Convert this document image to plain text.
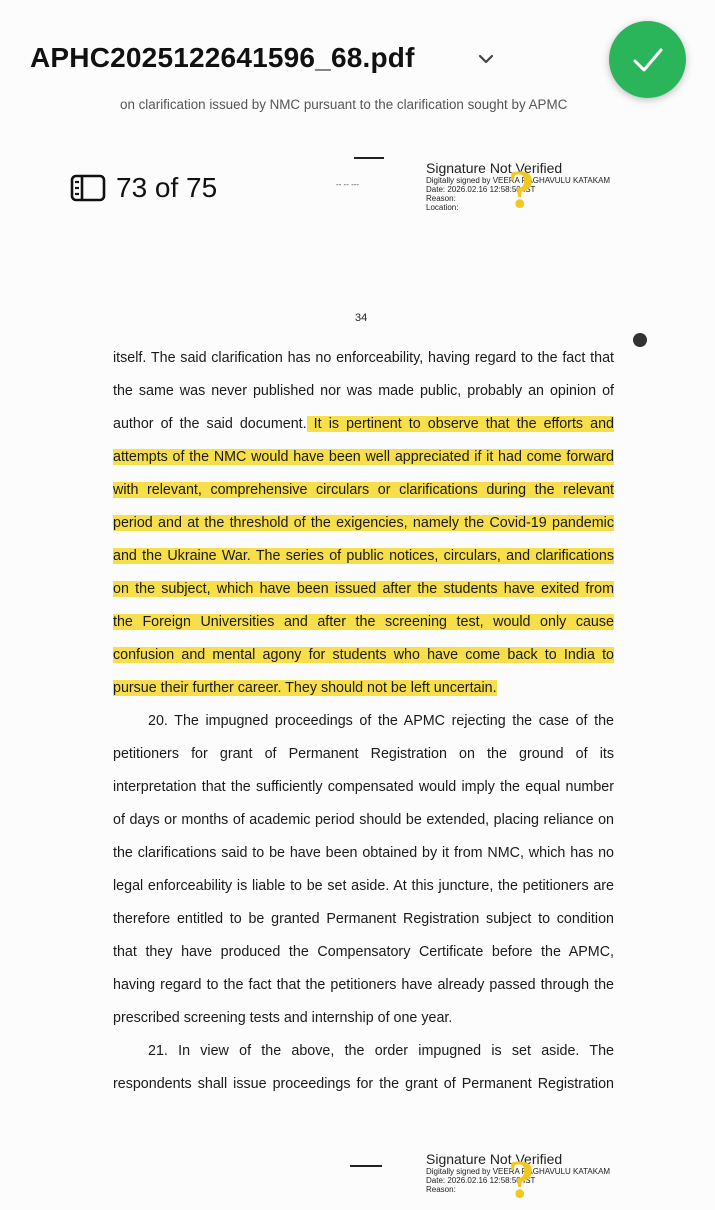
APHC2025122641596_68.pdf
73 of 75
on clarification issued by NMC pursuant to the clarification sought by APMC
-- -- ---
Signature Not Verified
Digitally signed by VEERA RAGHAVULU KATAKAM
Date: 2026.02.16 12:58:50 IST
Reason:
Location: ?
34
itself. The said clarification has no enforceability, having regard to the fact that
the same was never published nor was made public, probably an opinion of
author of the said document. It is pertinent to observe that the efforts and
attempts of the NMC would have been well appreciated if it had come forward
with relevant, comprehensive circulars or clarifications during the relevant
period and at the threshold of the exigencies, namely the Covid-19 pandemic
and the Ukraine War. The series of public notices, circulars, and clarifications
on the subject, which have been issued after the students have exited from
the Foreign Universities and after the screening test, would only cause
confusion and mental agony for students who have come back to India to
pursue their further career. They should not be left uncertain.
20. The impugned proceedings of the APMC rejecting the case of the
petitioners for grant of Permanent Registration on the ground of its
interpretation that the sufficiently compensated would imply the equal number
of days or months of academic period should be extended, placing reliance on
the clarifications said to be have been obtained by it from NMC, which has no
legal enforceability is liable to be set aside. At this juncture, the petitioners are
therefore entitled to be granted Permanent Registration subject to condition
that they have produced the Compensatory Certificate before the APMC,
having regard to the fact that the petitioners have already passed through the
prescribed screening tests and internship of one year.
21. In view of the above, the order impugned is set aside. The
respondents shall issue proceedings for the grant of Permanent Registration
Signature Not Verified
Digitally signed by VEERA RAGHAVULU KATAKAM
Date: 2026.02.16 12:58:50 IST
Reason: ?
